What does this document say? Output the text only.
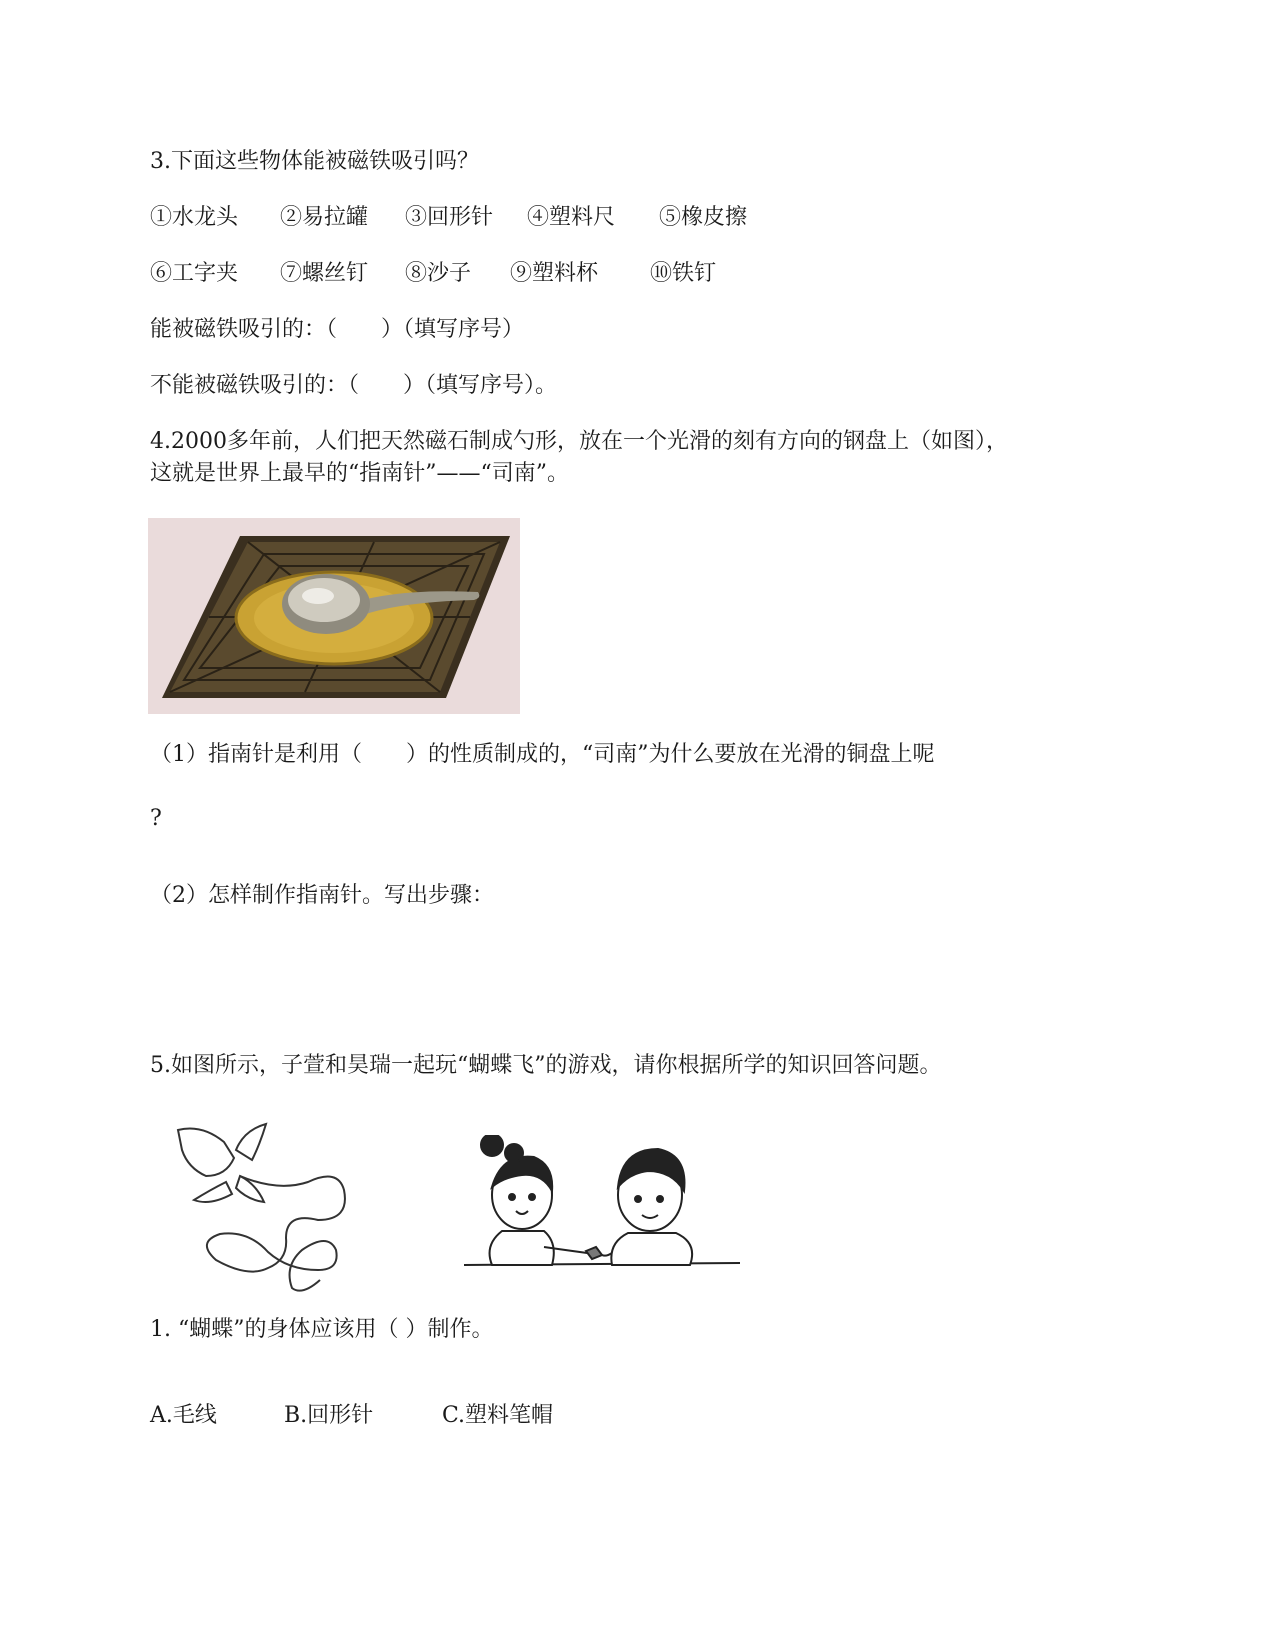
3.下面这些物体能被磁铁吸引吗？
①水龙头 ②易拉罐 ③回形针 ④塑料尺 ⑤橡皮擦
⑥工字夹 ⑦螺丝钉 ⑧沙子 ⑨塑料杯 ⑩铁钉
能被磁铁吸引的：（　　）（填写序号）
不能被磁铁吸引的：（　　）（填写序号）。
4.2000多年前，人们把天然磁石制成勺形，放在一个光滑的刻有方向的钢盘上（如图），
这就是世界上最早的“指南针”——“司南”。
（1）指南针是利用（　　）的性质制成的，“司南”为什么要放在光滑的铜盘上呢
?
（2）怎样制作指南针。写出步骤：
5.如图所示，子萱和昊瑞一起玩“蝴蝶飞”的游戏，请你根据所学的知识回答问题。
1. “蝴蝶”的身体应该用（ ）制作。
A.毛线	B.回形针	C.塑料笔帽
